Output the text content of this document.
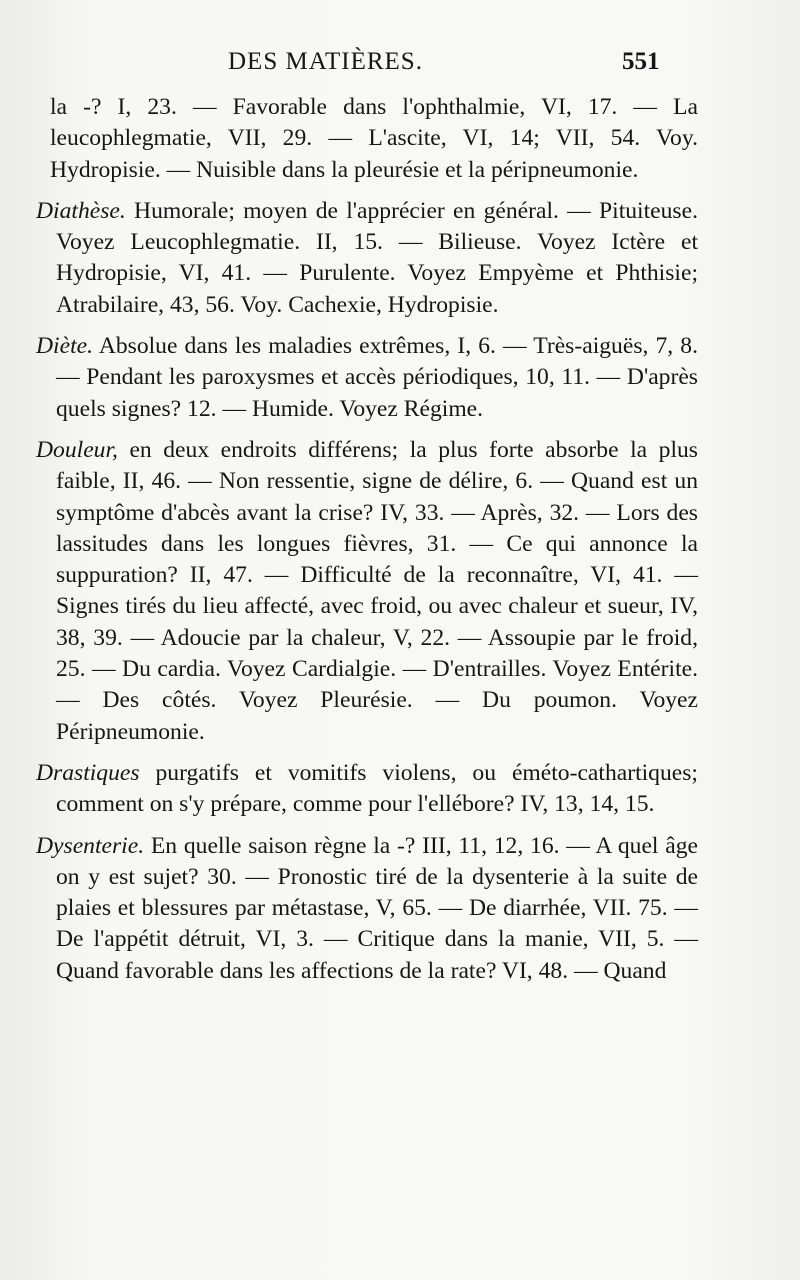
DES MATIÈRES.	551

la -? I, 23. — Favorable dans l'ophthalmie, VI, 17. — La leucophlegmatie, VII, 29. — L'ascite, VI, 14; VII, 54. Voy. Hydropisie. — Nuisible dans la pleurésie et la péripneumonie.

Diathèse. Humorale; moyen de l'apprécier en général. — Pituiteuse. Voyez Leucophlegmatie. II, 15. — Bilieuse. Voyez Ictère et Hydropisie, VI, 41. — Purulente. Voyez Empyème et Phthisie; Atrabilaire, 43, 56. Voy. Cachexie, Hydropisie.

Diète. Absolue dans les maladies extrêmes, I, 6. — Très-aiguës, 7, 8. — Pendant les paroxysmes et accès périodiques, 10, 11. — D'après quels signes? 12. — Humide. Voyez Régime.

Douleur, en deux endroits différens; la plus forte absorbe la plus faible, II, 46. — Non ressentie, signe de délire, 6. — Quand est un symptôme d'abcès avant la crise? IV, 33. — Après, 32. — Lors des lassitudes dans les longues fièvres, 31. — Ce qui annonce la suppuration? II, 47. — Difficulté de la reconnaître, VI, 41. — Signes tirés du lieu affecté, avec froid, ou avec chaleur et sueur, IV, 38, 39. — Adoucie par la chaleur, V, 22. — Assoupie par le froid, 25. — Du cardia. Voyez Cardialgie. — D'entrailles. Voyez Entérite. — Des côtés. Voyez Pleurésie. — Du poumon. Voyez Péripneumonie.

Drastiques purgatifs et vomitifs violens, ou éméto-cathartiques; comment on s'y prépare, comme pour l'ellébore? IV, 13, 14, 15.

Dysenterie. En quelle saison règne la -? III, 11, 12, 16. — A quel âge on y est sujet? 30. — Pronostic tiré de la dysenterie à la suite de plaies et blessures par métastase, V, 65. — De diarrhée, VII. 75. — De l'appétit détruit, VI, 3. — Critique dans la manie, VII, 5. — Quand favorable dans les affections de la rate? VI, 48. — Quand
